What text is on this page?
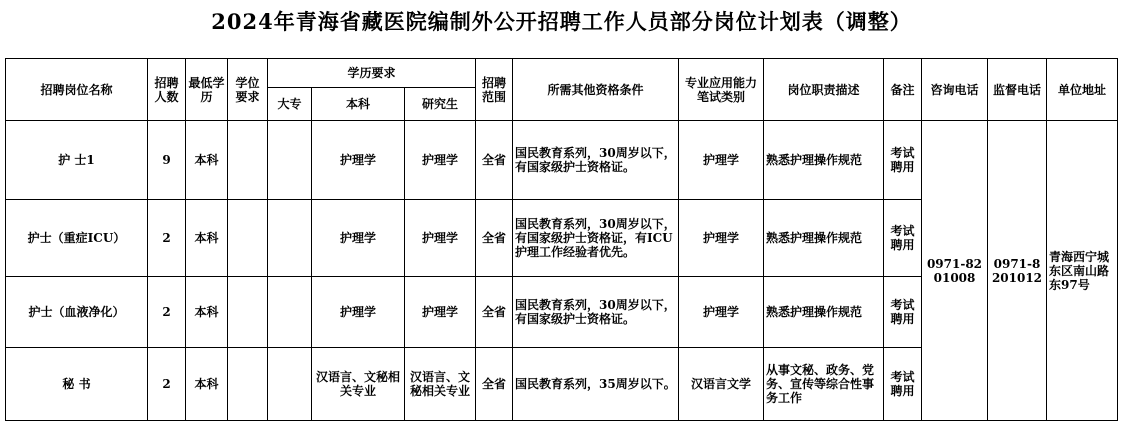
2024年青海省藏医院编制外公开招聘工作人员部分岗位计划表（调整）
招聘岗位名称	招聘人数	最低学历	学位要求	学历要求			招聘范围	所需其他资格条件	专业应用能力笔试类别	岗位职责描述	备注	咨询电话	监督电话	单位地址
				大专	本科	研究生								
护 士1	9	本科			护理学	护理学	全省	国民教育系列，30周岁以下，有国家级护士资格证。	护理学	熟悉护理操作规范	考试聘用	0971-8201008	0971-8201012	青海西宁城东区南山路东97号
护士（重症ICU）	2	本科			护理学	护理学	全省	国民教育系列，30周岁以下，有国家级护士资格证，有ICU护理工作经验者优先。	护理学	熟悉护理操作规范	考试聘用			
护士（血液净化）	2	本科			护理学	护理学	全省	国民教育系列，30周岁以下，有国家级护士资格证。	护理学	熟悉护理操作规范	考试聘用			
秘 书	2	本科			汉语言、文秘相关专业	汉语言、文秘相关专业	全省	国民教育系列，35周岁以下。	汉语言文学	从事文秘、政务、党务、宣传等综合性事务工作	考试聘用			
